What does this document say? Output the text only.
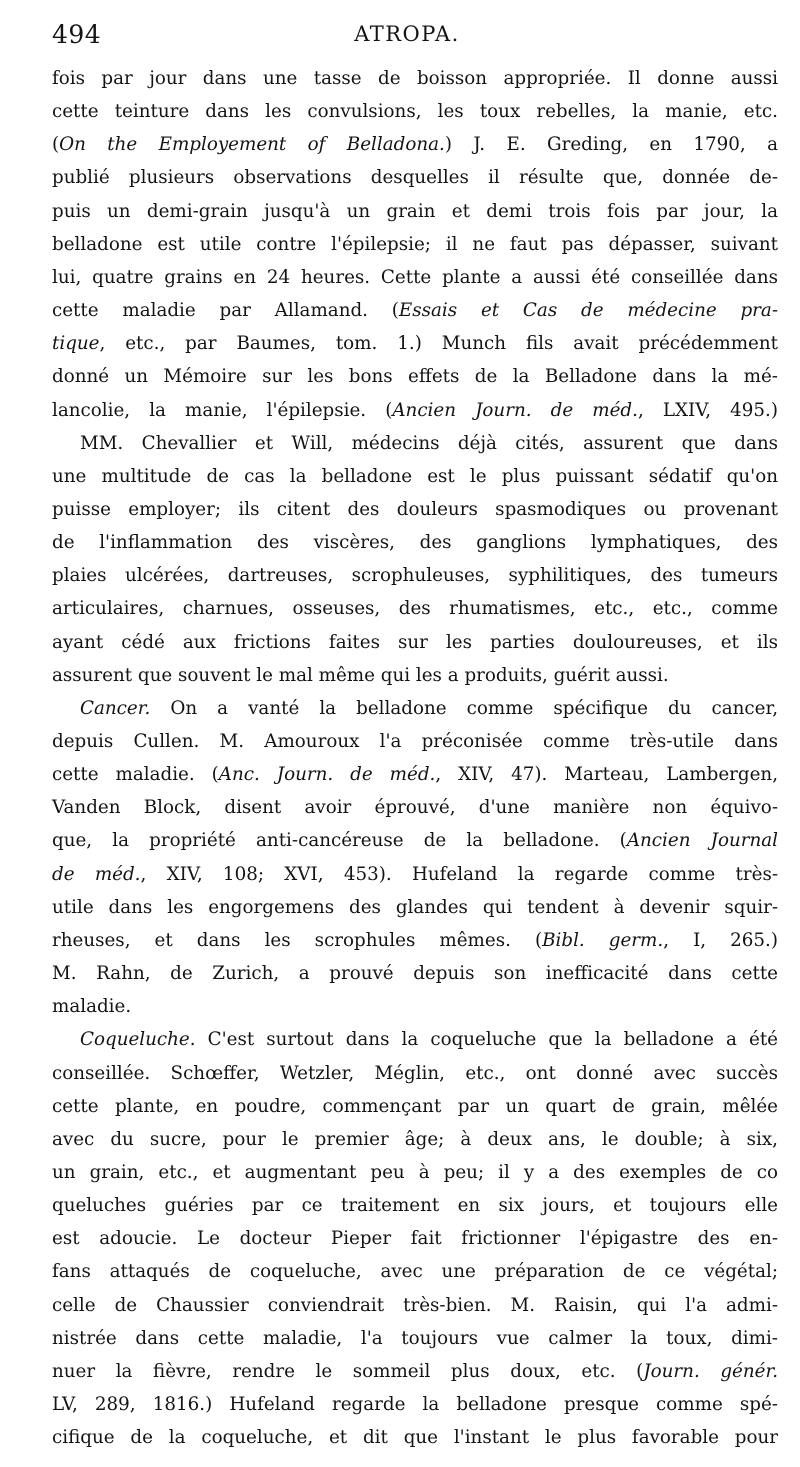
494	ATROPA.
fois par jour dans une tasse de boisson appropriée. Il donne aussi
cette teinture dans les convulsions, les toux rebelles, la manie, etc.
(On the Employement of Belladona.) J. E. Greding, en 1790, a
publié plusieurs observations desquelles il résulte que, donnée de-
puis un demi-grain jusqu'à un grain et demi trois fois par jour, la
belladone est utile contre l'épilepsie; il ne faut pas dépasser, suivant
lui, quatre grains en 24 heures. Cette plante a aussi été conseillée dans
cette maladie par Allamand. (Essais et Cas de médecine pra-
tique, etc., par Baumes, tom. 1.) Munch fils avait précédemment
donné un Mémoire sur les bons effets de la Belladone dans la mé-
lancolie, la manie, l'épilepsie. (Ancien Journ. de méd., LXIV, 495.)
MM. Chevallier et Will, médecins déjà cités, assurent que dans
une multitude de cas la belladone est le plus puissant sédatif qu'on
puisse employer; ils citent des douleurs spasmodiques ou provenant
de l'inflammation des viscères, des ganglions lymphatiques, des
plaies ulcérées, dartreuses, scrophuleuses, syphilitiques, des tumeurs
articulaires, charnues, osseuses, des rhumatismes, etc., etc., comme
ayant cédé aux frictions faites sur les parties douloureuses, et ils
assurent que souvent le mal même qui les a produits, guérit aussi.
Cancer. On a vanté la belladone comme spécifique du cancer,
depuis Cullen. M. Amouroux l'a préconisée comme très-utile dans
cette maladie. (Anc. Journ. de méd., XIV, 47). Marteau, Lambergen,
Vanden Block, disent avoir éprouvé, d'une manière non équivo-
que, la propriété anti-cancéreuse de la belladone. (Ancien Journal
de méd., XIV, 108; XVI, 453). Hufeland la regarde comme très-
utile dans les engorgemens des glandes qui tendent à devenir squir-
rheuses, et dans les scrophules mêmes. (Bibl. germ., I, 265.)
M. Rahn, de Zurich, a prouvé depuis son inefficacité dans cette
maladie.
Coqueluche. C'est surtout dans la coqueluche que la belladone a été
conseillée. Schœffer, Wetzler, Méglin, etc., ont donné avec succès
cette plante, en poudre, commençant par un quart de grain, mêlée
avec du sucre, pour le premier âge; à deux ans, le double; à six,
un grain, etc., et augmentant peu à peu; il y a des exemples de co
queluches guéries par ce traitement en six jours, et toujours elle
est adoucie. Le docteur Pieper fait frictionner l'épigastre des en-
fans attaqués de coqueluche, avec une préparation de ce végétal;
celle de Chaussier conviendrait très-bien. M. Raisin, qui l'a admi-
nistrée dans cette maladie, l'a toujours vue calmer la toux, dimi-
nuer la fièvre, rendre le sommeil plus doux, etc. (Journ. génér.
LV, 289, 1816.) Hufeland regarde la belladone presque comme spé-
cifique de la coqueluche, et dit que l'instant le plus favorable pour
